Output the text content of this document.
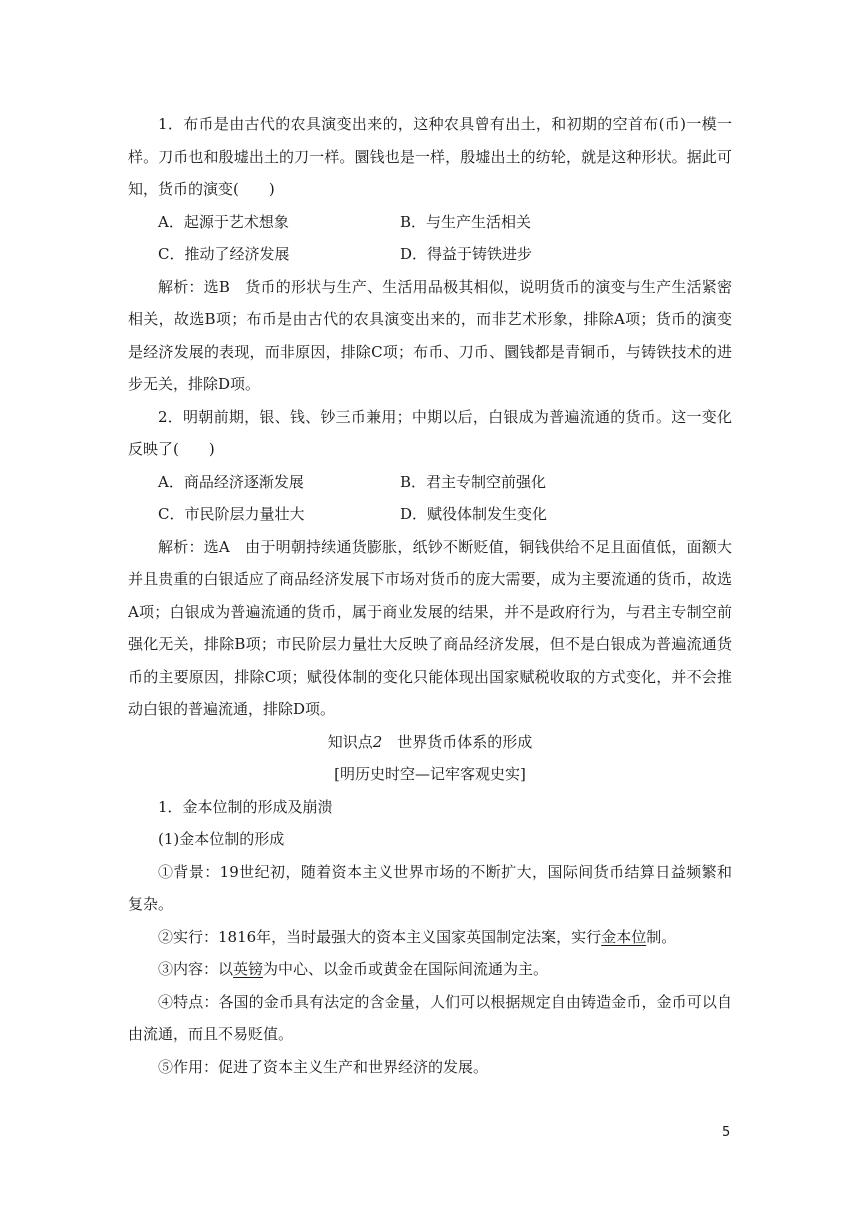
1．布币是由古代的农具演变出来的，这种农具曾有出土，和初期的空首布(币)一模一样。刀币也和殷墟出土的刀一样。圜钱也是一样，殷墟出土的纺轮，就是这种形状。据此可知，货币的演变(　　)

A．起源于艺术想象	B．与生产生活相关
C．推动了经济发展	D．得益于铸铁进步

解析：选B　货币的形状与生产、生活用品极其相似，说明货币的演变与生产生活紧密相关，故选B项；布币是由古代的农具演变出来的，而非艺术形象，排除A项；货币的演变是经济发展的表现，而非原因，排除C项；布币、刀币、圜钱都是青铜币，与铸铁技术的进步无关，排除D项。

2．明朝前期，银、钱、钞三币兼用；中期以后，白银成为普遍流通的货币。这一变化反映了(　　)

A．商品经济逐渐发展	B．君主专制空前强化
C．市民阶层力量壮大	D．赋役体制发生变化

解析：选A　由于明朝持续通货膨胀，纸钞不断贬值，铜钱供给不足且面值低，面额大并且贵重的白银适应了商品经济发展下市场对货币的庞大需要，成为主要流通的货币，故选A项；白银成为普遍流通的货币，属于商业发展的结果，并不是政府行为，与君主专制空前强化无关，排除B项；市民阶层力量壮大反映了商品经济发展，但不是白银成为普遍流通货币的主要原因，排除C项；赋役体制的变化只能体现出国家赋税收取的方式变化，并不会推动白银的普遍流通，排除D项。

知识点2　世界货币体系的形成

[明历史时空—记牢客观史实]

1．金本位制的形成及崩溃

(1)金本位制的形成

①背景：19世纪初，随着资本主义世界市场的不断扩大，国际间货币结算日益频繁和复杂。

②实行：1816年，当时最强大的资本主义国家英国制定法案，实行金本位制。

③内容：以英镑为中心、以金币或黄金在国际间流通为主。

④特点：各国的金币具有法定的含金量，人们可以根据规定自由铸造金币，金币可以自由流通，而且不易贬值。

⑤作用：促进了资本主义生产和世界经济的发展。

5
